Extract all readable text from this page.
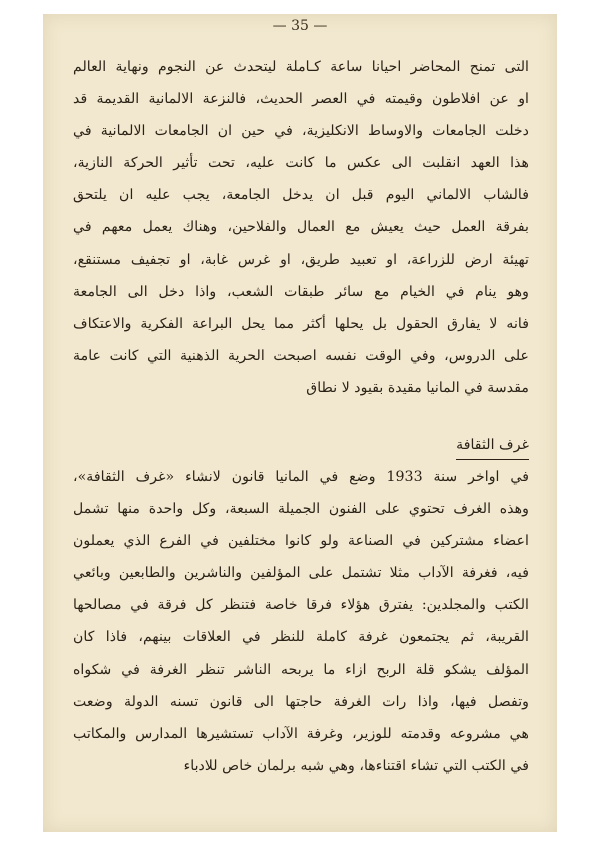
— 35 —
التى تمنح المحاضر احيانا ساعة كـاملة ليتحدث عن النجوم ونهاية العالم
او عن افلاطون وقيمته في العصر الحديث، فالنزعة الالمانية القديمة قد
دخلت الجامعات والاوساط الانكليزية، في حين ان الجامعات الالمانية في
هذا العهد انقلبت الى عكس ما كانت عليه، تحت تأثير الحركة النازية،
فالشاب الالماني اليوم قبل ان يدخل الجامعة، يجب عليه ان يلتحق
بفرقة العمل حيث يعيش مع العمال والفلاحين، وهناك يعمل معهم في
تهيئة ارض للزراعة، او تعبيد طريق، او غرس غابة، او تجفيف مستنقع،
وهو ينام في الخيام مع سائر طبقات الشعب، واذا دخل الى الجامعة
فانه لا يفارق الحقول بل يحلها أكثر مما يحل البراعة الفكرية والاعتكاف
على الدروس، وفي الوقت نفسه اصبحت الحرية الذهنية التي كانت عامة
مقدسة في المانيا مقيدة بقيود لا نطاق
غرف الثقافة
في اواخر سنة 1933 وضع في المانيا قانون لانشاء «غرف الثقافة»،
وهذه الغرف تحتوي على الفنون الجميلة السبعة، وكل واحدة منها تشمل
اعضاء مشتركين في الصناعة ولو كانوا مختلفين في الفرع الذي يعملون
فيه، فغرفة الآداب مثلا تشتمل على المؤلفين والناشرين والطابعين وبائعي
الكتب والمجلدين: يفترق هؤلاء فرقا خاصة فتنظر كل فرقة في مصالحها
القريبة، ثم يجتمعون غرفة كاملة للنظر في العلاقات بينهم، فاذا كان
المؤلف يشكو قلة الربح ازاء ما يربحه الناشر تنظر الغرفة في شكواه
وتفصل فيها، واذا رات الغرفة حاجتها الى قانون تسنه الدولة وضعت
هي مشروعه وقدمته للوزير، وغرفة الآداب تستشيرها المدارس والمكاتب
في الكتب التي تشاء اقتناءها، وهي شبه برلمان خاص للادباء
